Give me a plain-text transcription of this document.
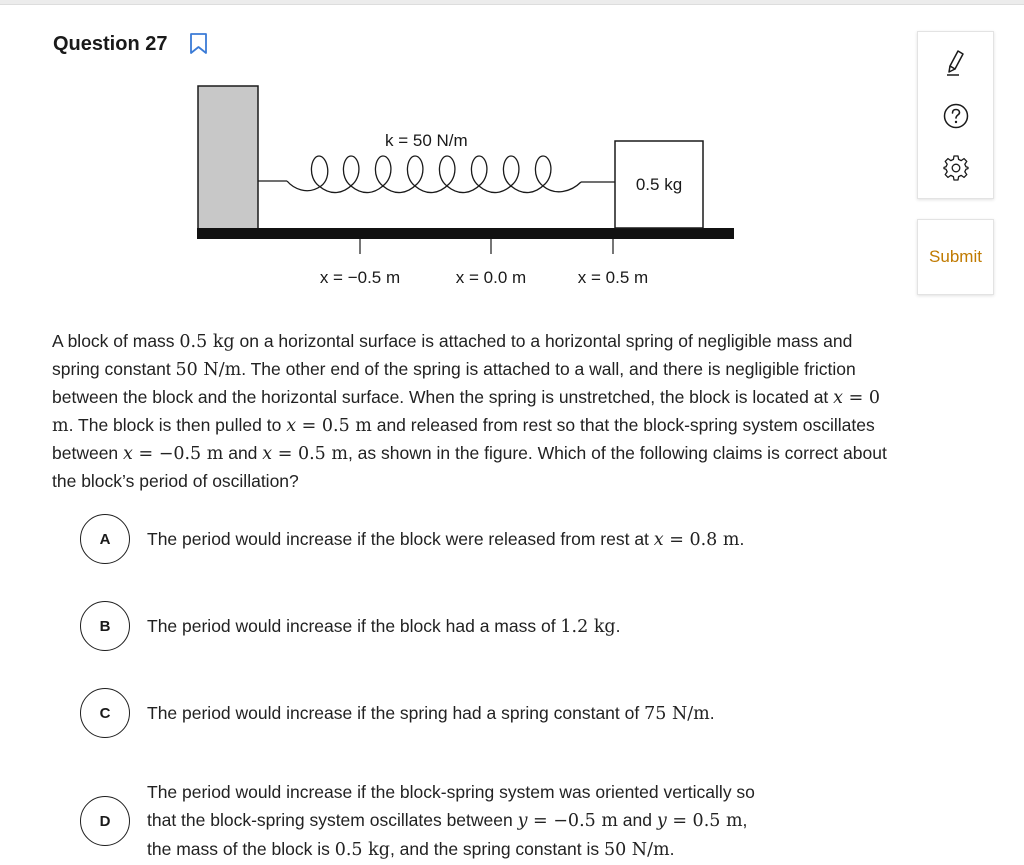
Question 27
k = 50 N/m
0.5 kg
x = −0.5 m	x = 0.0 m	x = 0.5 m

A block of mass 0.5 kg on a horizontal surface is attached to a horizontal spring of negligible mass and spring constant 50 N/m. The other end of the spring is attached to a wall, and there is negligible friction between the block and the horizontal surface. When the spring is unstretched, the block is located at x = 0 m. The block is then pulled to x = 0.5 m and released from rest so that the block-spring system oscillates between x = −0.5 m and x = 0.5 m, as shown in the figure. Which of the following claims is correct about the block’s period of oscillation?

A	The period would increase if the block were released from rest at x = 0.8 m.

B	The period would increase if the block had a mass of 1.2 kg.

C	The period would increase if the spring had a spring constant of 75 N/m.

D

The period would increase if the block-spring system was oriented vertically so

that the block-spring system oscillates between y = −0.5 m and y = 0.5 m,

the mass of the block is 0.5 kg, and the spring constant is 50 N/m.

Submit
